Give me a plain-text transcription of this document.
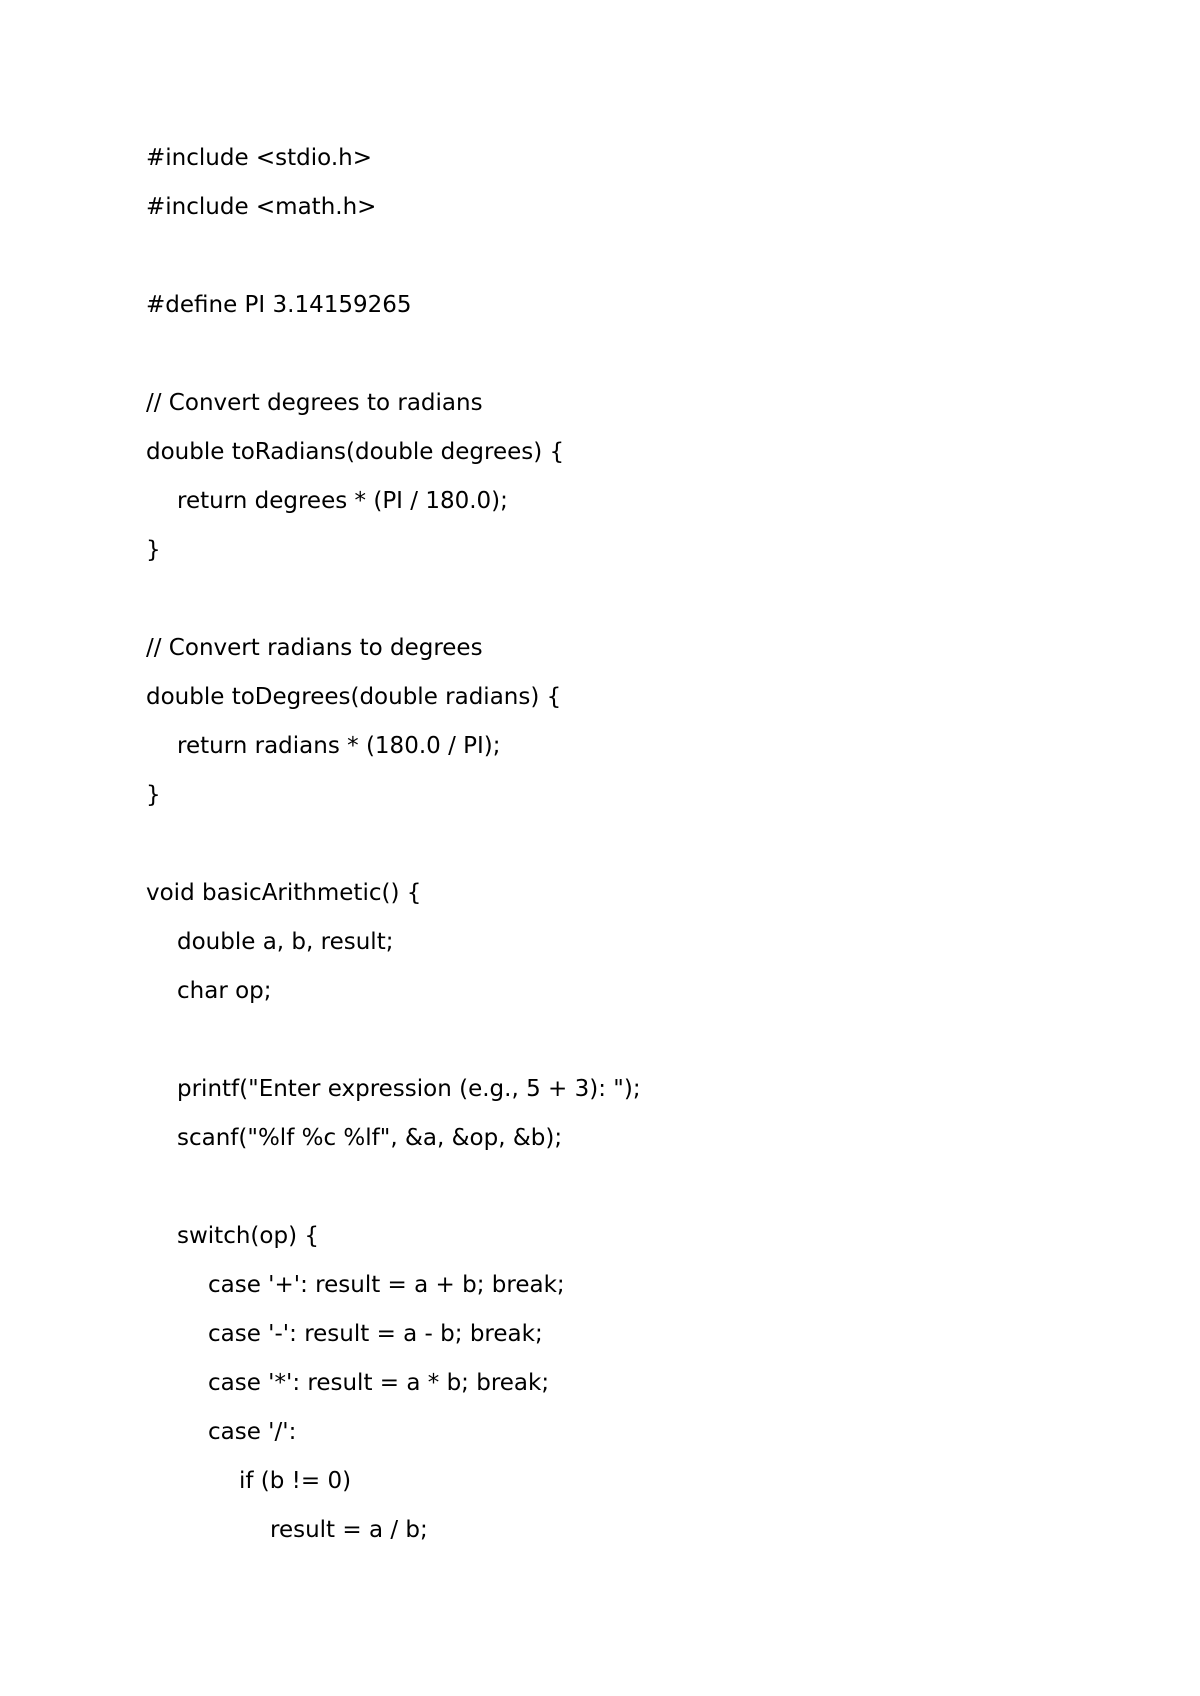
#include <stdio.h>
#include <math.h>
#define PI 3.14159265
// Convert degrees to radians
double toRadians(double degrees) {
return degrees * (PI / 180.0);
}
// Convert radians to degrees
double toDegrees(double radians) {
return radians * (180.0 / PI);
}
void basicArithmetic() {
double a, b, result;
char op;
printf("Enter expression (e.g., 5 + 3): ");
scanf("%lf %c %lf", &a, &op, &b);
switch(op) {
case '+': result = a + b; break;
case '-': result = a - b; break;
case '*': result = a * b; break;
case '/':
if (b != 0)
result = a / b;
